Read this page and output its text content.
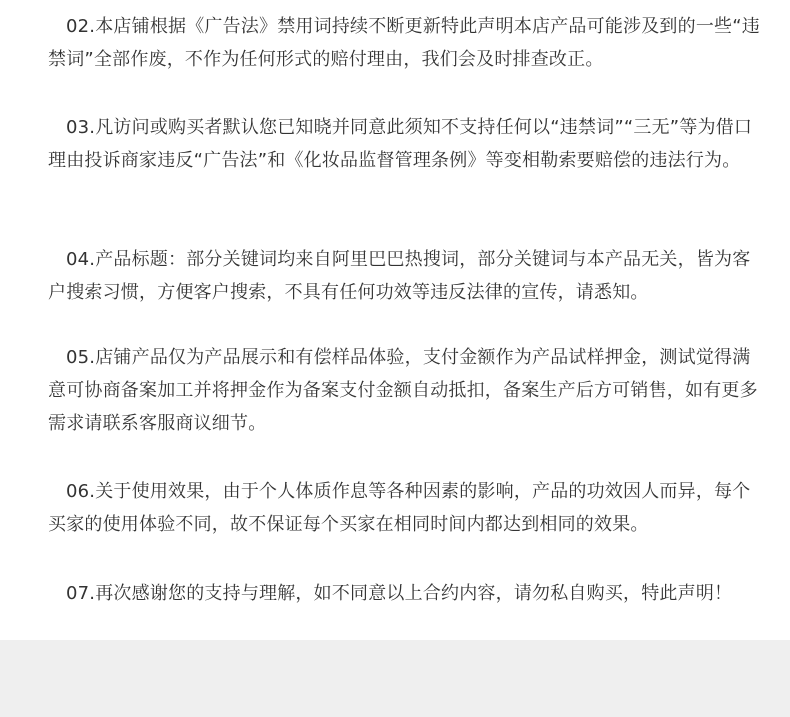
02.本店铺根据《广告法》禁用词持续不断更新特此声明本店产品可能涉及到的一些“违禁词”全部作废，不作为任何形式的赔付理由，我们会及时排查改正。

03.凡访问或购买者默认您已知晓并同意此须知不支持任何以“违禁词”“三无”等为借口理由投诉商家违反“广告法”和《化妆品监督管理条例》等变相勒索要赔偿的违法行为。

04.产品标题：部分关键词均来自阿里巴巴热搜词，部分关键词与本产品无关，皆为客户搜索习惯，方便客户搜索，不具有任何功效等违反法律的宣传，请悉知。

05.店铺产品仅为产品展示和有偿样品体验，支付金额作为产品试样押金，测试觉得满意可协商备案加工并将押金作为备案支付金额自动抵扣，备案生产后方可销售，如有更多需求请联系客服商议细节。

06.关于使用效果，由于个人体质作息等各种因素的影响，产品的功效因人而异，每个买家的使用体验不同，故不保证每个买家在相同时间内都达到相同的效果。

07.再次感谢您的支持与理解，如不同意以上合约内容，请勿私自购买，特此声明！
